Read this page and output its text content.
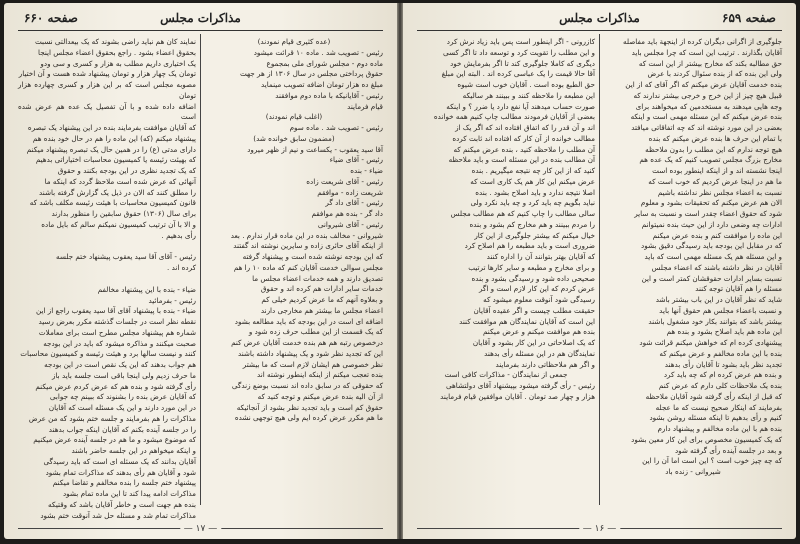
صفحه ۶۶۰	مذاکرات مجلس

نمایند کان هم نباید راضی بشوند که یک بیعدالتی نسبت

بحقوق اعضاء بشود . راجع بحقوق اعضاء مجلس اینجا

یک اختیاری داریم مطلب به هزار و کسری و سی ودو

تومان یک چهار هزار و تومان پیشنهاد شده هست و آن اختیار

مصوبه مجلس است که بر این هزار و کسری چهارده هزار تومان

اضافه داده شده و با آن تفصیل یک عده هم عرض شده است

که آقایان موافقت بفرمایند بنده در این پیشنهاد یک تبصره

پیشنهاد میکنم (که) این ماده را هم در حال خود بنده هم

دارای مدتی (ع) را در همین حال یک تبصره پیشنهاد میکنم

که بهیئت رئیسه یا کمیسیون محاسبات اختیاراتی بدهیم

که یک تجدید نظری در این بودجه بکنند و حقوق

آنهائی که عرض شده است ملاحظ گردد که اینکه ما

را مطلق کنند که الان در ذیل یک گزارش گرفته باشند

قانون کمیسیون محاسبات با هیئت رئیسه مکلف باشد که

برای سال (۱۳۰۶) حقوق سابقین را منظور بدارند

و الا با آن ترتیب کمیسیون نمیکنم سالم که بایل ماده

رأی بدهیم .

رئیس - آقای آقا سید یعقوب پیشنهاد ختم جلسه

کرده اند .

ضیاء - بنده با این پیشنهاد مخالفم

رئیس - بفرمائید

ضیاء - بنده با پیشنهاد آقای آقا سید یعقوب راجع از این

نقطه نظر است در جلسات گذشته مکرر بعرض رسید

شماره هم پیشنهاد مجلس مطرح است برای معاملات

صحبت میکنند و مذاکره میشود که باید در این بودجه

کنند و نیست سالها برد و هیئت رئیسه و کمیسیون محاسبات

هم جواب بدهند که این یک نقص است در این بودجه

ما حرف زدیم ولی اینجا باقی است جلسه باید باز

رأی گرفته شود و بنده هم که عرض کردم عرض میکنم

که آقایان عرض بنده را بشنوند که ببینم چه جوابی

در این مورد دارند و این یک مسئله است که آقایان

مذاکرات را هم بفرمایند و جلسه ختم بشود که من عرض

را در جلسه آینده بکنم که آقایان اینکه جواب بدهند

که موضوع میشود و ما هم در جلسه آینده عرض میکنیم

و اینکه میخواهم در این جلسه حاضر باشند

آقایان بدانند که یک مسئله ای است که باید رسیدگی

شود و آقایان هم رأی بدهند که مذاکرات تمام بشود

پیشنهاد ختم جلسه را بنده مخالفم و تقاضا میکنم

مذاکرات ادامه پیدا کند تا این ماده تمام بشود

بنده هم جهت است و خاطر آقایان باشد که وقتیکه

مذاکرات تمام شد و مسئله حل شد آنوقت ختم بشود

(عده کثیری قیام نمودند)

رئیس - تصویب شد . ماده ۱۰ قرائت میشود

ماده دوم - مجلس شورای ملی بمجموع

حقوق پرداختی مجلس در سال ۱۳۰۶ از هر جهت

مبلغ ده هزار تومان اضافه تصویب مینماید

رئیس - آقایانیکه با ماده دوم موافقند

قیام فرمایند

(اغلب قیام نمودند)

رئیس - تصویب شد . ماده سوم

(مضمون سابق خوانده شد)

آقا سید یعقوب - یکساعت و نیم از ظهر میرود

رئیس - آقای ضیاء

ضیاء - بنده

رئیس - آقای شریعت زاده

شریعت زاده - موافقم

رئیس - آقای داد گر

داد گر - بنده هم موافقم

رئیس - آقای شیروانی

شیروانی - مخالف بنده در این ماده قرار ندارم . بعد

از اینکه آقای حائری زاده و سایرین نوشته اند گفتند

که این بودجه نوشته شده است و پیشنهاد گرفته

مجلس سوالی خدمت آقایان کنم که ماده ۱۰ را هم

تصدیق دارند و همه خدمات اعضاء مجلس ما

خدمات سایر ادارات هم کرده اند و حقوق

و بعلاوه آنهم که ما عرض کردیم خیلی کم

اعضاء مجلس ما بیشتر هم مخارجی دارند

اضافه ای است در این بودجه که باید مطالعه بشود

که یک قسمت از این مطلب حرف زده شود و

درخصوص رتبه هم هم بنده خدمت آقایان عرض کنم

این که تجدید نظر شود و یک پیشنهاد داشته باشند

نظر خصوصی هم ایشان لازم است که ما بیشتر

بنده تعجب میکنم از اینکه اینطور نوشته اند

که حقوقی که در سابق داده اند نسبت بوضع زندگی

از آن الیه بنده عرض میکنم و توجه کنید که

حقوق کم است و باید تجدید نظر بشود از آنجائیکه

ما هم مکرر عرض کرده ایم ولی هیچ توجهی نشده

— ۱۷ —
صفحه ۶۵۹
مذاکرات مجلس

کازرونی - اگر اینطور است پس باید زیاد نرش کرد

و این مطلب را تقویت کرد و توسعه داد تا اگر کسی

دیگری که کاملا جلوگیری کند تا اگر بفرمایش خود

آقا حالا قیمت را یک عباسی کرده اند . البته این مبلغ

حق الطبع بوده است . آقایان خوب است شیوه

این مطبعه را ملاحظه کنند و ببینند هر سالیکه

صورت حساب میدهند آیا نفع دارد یا ضرر ؟ و اینکه

بعضی از آقایان فرمودند مطالب چاپ کنیم همه خوانده

اند و آن قدر را که اتفاق افتاده اند که اگر یک از

مطالب خوانده از آن کار که افتاده اند ثابت کرده

آن مطلب را ملاحظه کنید ، بنده عرض میکنم که

آن مطالب بنده در این مسئله است و باید ملاحظه

کنید که از این کار چه نتیجه میگیریم . بنده

عرض میکنم این کار هم یک کاری است که

اصلا نتیجه ندارد و باید اصلاح بشود . بنده

نباید بگویم چه باید کرد و چه باید نکرد ولی

سالی مطالب را چاپ کنیم که هم مطالب مجلس

را مردم ببینند و هم مخارج کم بشود و بنده

خیال میکنم که بیشتر جلوگیری از این کار

ضروری است و باید مطبعه را هم اصلاح کرد

که آقایان بهتر بتوانند آن را اداره کنند

و برای مخارج و مطبعه و سایر کارها ترتیب

صحیحی داده شود و رسیدگی بشود و بنده

عرض کردم که این کار لازم است و اگر

رسیدگی شود آنوقت معلوم میشود که

حقیقت مطلب چیست و اگر عقیده آقایان

این است که آقایان نمایندگان هم موافقت کنند

بنده هم موافقت میکنم و عرض میکنم

که یک اصلاحاتی در این کار بشود و آقایان

نمایندگان هم در این مسئله رأی بدهند

و اگر هم ملاحظاتی دارند بفرمایند

جمعی از نمایندگان - مذاکرات کافی است

رئیس - رأی گرفته میشود بپیشنهاد آقای دولتشاهی

هزار و چهار صد تومان . آقایان موافقین قیام فرمایند

جلوگیری از اگرانی دیگران کرده از اینجهة باید مفاصله

آقایان بگذارند . ترتیب این است که چرا مجلس باید

حق مطالبه بکند که مخارج بیشتر از این است که

ولی این بنده که از بنده سئوال کردند با عرض

بنده خدمت آقایان عرض میکنم که اگر آقای که از این

قبیل هیچ چیز از این خرج و خرجی بیشتر ندارند که

وجه هایی میدهند به مستخدمین که میخواهند برای

بنده عرض میکنم که این مسئله مهمی است و اینکه

بعضی در این مورد نوشته اند که چه اتفاقاتی میافتد

با تمام این حرف ها بنده عرض میکنم که بنده

هیچ توجه ندارم که این مطلب را بدون ملاحظه

مخارج بزرگ مجلس تصویب کنیم که یک عده هم

اینجا نشسته اند و از اینکه اینطور بوده است

ما هم در اینجا عرض کردیم که خوب است که

نسبت به اعضاء مجلس نظر نداشته باشیم

الان هم عرض میکنم که تحقیقات بشود و معلوم

شود که حقوق اعضاء چقدر است و نسبت به سایر

ادارات چه وضعی دارد از این حیث بنده نمیتوانم

این ماده را موافقت کنم و بنده عرض میکنم

که در مقابل این بودجه باید رسیدگی دقیق بشود

و این مسئله هم یک مسئله مهمی است که باید

آقایان در نظر داشته باشند که اعضاء مجلس

نسبت بسایر ادارات حقوقشان کمتر است و این

مسئله را هم آقایان توجه کنند

شاید که نظر آقایان در این باب بیشتر باشد

و نسبت باعضاء مجلس هم حقوق آنها باید

بیشتر باشد که بتوانند بکار خود مشغول باشند

این ماده هم باید اصلاح بشود و بنده هم

پیشنهادی کرده ام که خواهش میکنم قرائت شود

بنده با این ماده مخالفم و عرض میکنم که

تجدید نظر باید بشود تا آقایان رأی بدهند

و بنده هم عرض کرده ام که چه باید کرد

بنده یک ملاحظات کلی دارم که عرض کنم

که قبل از اینکه رأی گرفته شود آقایان ملاحظه

بفرمایند که اینکار صحیح نیست که ما عجله

کنیم و رأی بدهیم تا اینکه مسئله روشن بشود

بنده هم با این ماده مخالفم و پیشنهاد دارم

که یک کمیسیون مخصوص برای این کار معین بشود

و بعد در جلسه آینده رأی گرفته شود

که چه چیز خوب است ؟ این است اما آن را این

شیروانی - زنده باد

— ۱۶ —
